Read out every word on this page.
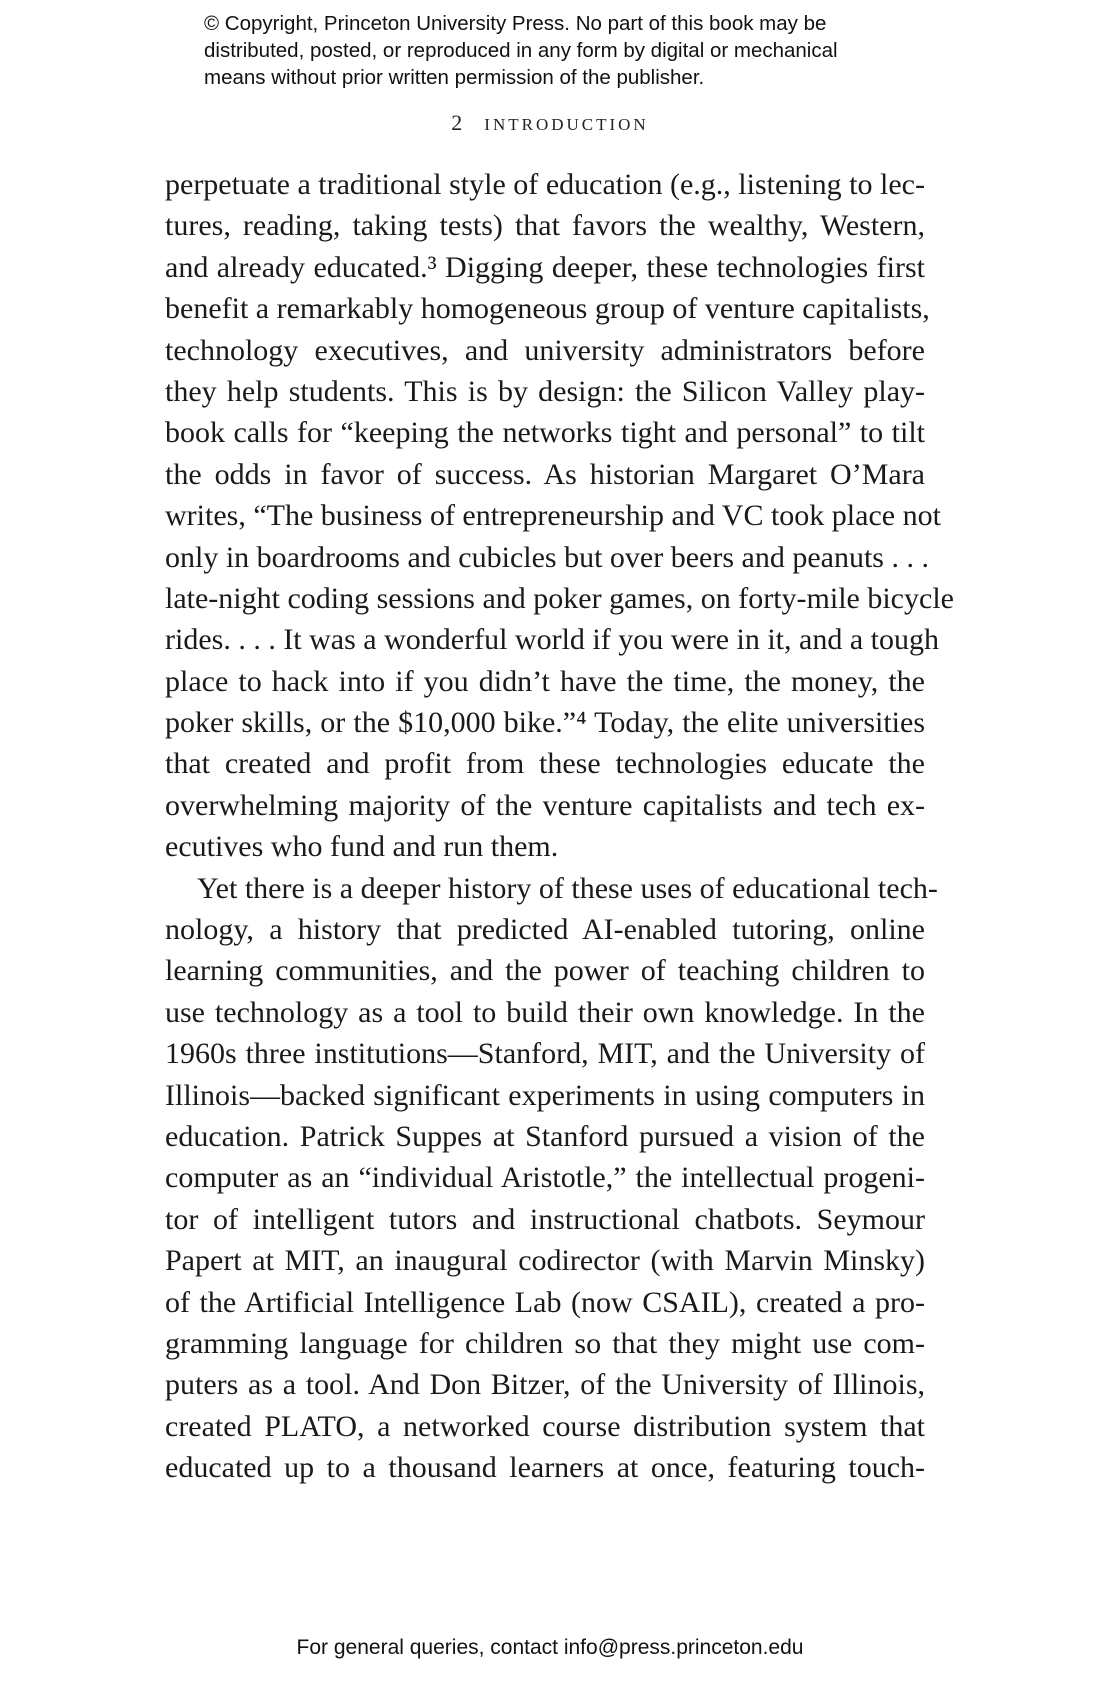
© Copyright, Princeton University Press. No part of this book may be
distributed, posted, or reproduced in any form by digital or mechanical
means without prior written permission of the publisher.
2 INTRODUCTION
perpetuate a traditional style of education (e.g., listening to lec-
tures, reading, taking tests) that favors the wealthy, Western,
and already educated.³ Digging deeper, these technologies first
benefit a remarkably homogeneous group of venture capitalists,
technology executives, and university administrators before
they help students. This is by design: the Silicon Valley play-
book calls for “keeping the networks tight and personal” to tilt
the odds in favor of success. As historian Margaret O’Mara
writes, “The business of entrepreneurship and VC took place not
only in boardrooms and cubicles but over beers and peanuts . . .
late-night coding sessions and poker games, on forty-mile bicycle
rides. . . . It was a wonderful world if you were in it, and a tough
place to hack into if you didn’t have the time, the money, the
poker skills, or the $10,000 bike.”⁴ Today, the elite universities
that created and profit from these technologies educate the
overwhelming majority of the venture capitalists and tech ex-
ecutives who fund and run them.
Yet there is a deeper history of these uses of educational tech-
nology, a history that predicted AI-enabled tutoring, online
learning communities, and the power of teaching children to
use technology as a tool to build their own knowledge. In the
1960s three institutions—Stanford, MIT, and the University of
Illinois—backed significant experiments in using computers in
education. Patrick Suppes at Stanford pursued a vision of the
computer as an “individual Aristotle,” the intellectual progeni-
tor of intelligent tutors and instructional chatbots. Seymour
Papert at MIT, an inaugural codirector (with Marvin Minsky)
of the Artificial Intelligence Lab (now CSAIL), created a pro-
gramming language for children so that they might use com-
puters as a tool. And Don Bitzer, of the University of Illinois,
created PLATO, a networked course distribution system that
educated up to a thousand learners at once, featuring touch-
For general queries, contact info@press.princeton.edu
